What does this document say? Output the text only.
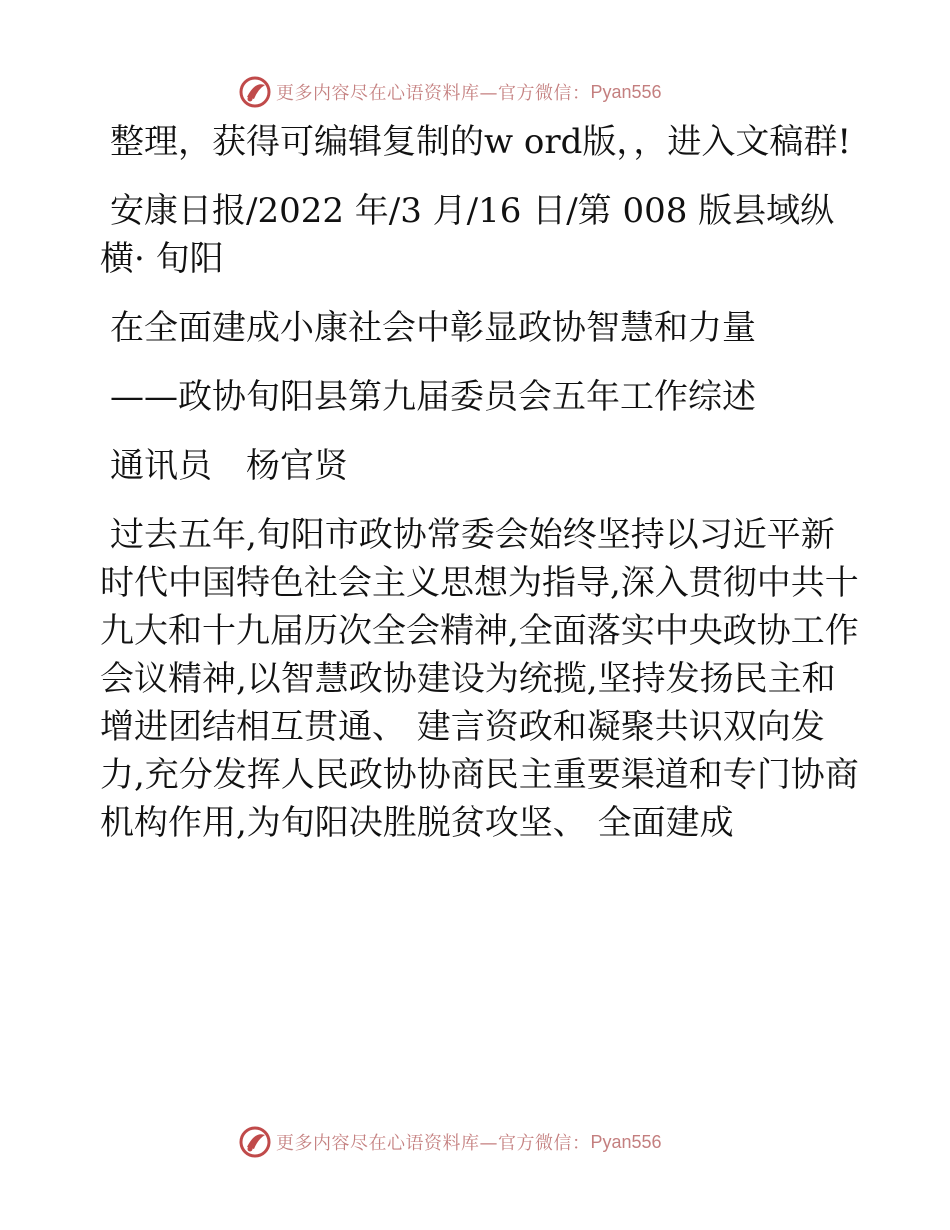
更多内容尽在心语资料库—官方微信： Pyan556

整理，获得可编辑复制的w ord版，，进入文稿群!

安康日报/2022 年/3 月/16 日/第 008 版县域纵横· 旬阳

在全面建成小康社会中彰显政协智慧和力量

——政协旬阳县第九届委员会五年工作综述

通讯员　杨官贤

过去五年,旬阳市政协常委会始终坚持以习近平新时代中国特色社会主义思想为指导,深入贯彻中共十九大和十九届历次全会精神,全面落实中央政协工作会议精神,以智慧政协建设为统揽,坚持发扬民主和增进团结相互贯通、 建言资政和凝聚共识双向发力,充分发挥人民政协协商民主重要渠道和专门协商机构作用,为旬阳决胜脱贫攻坚、 全面建成

更多内容尽在心语资料库—官方微信： Pyan556
